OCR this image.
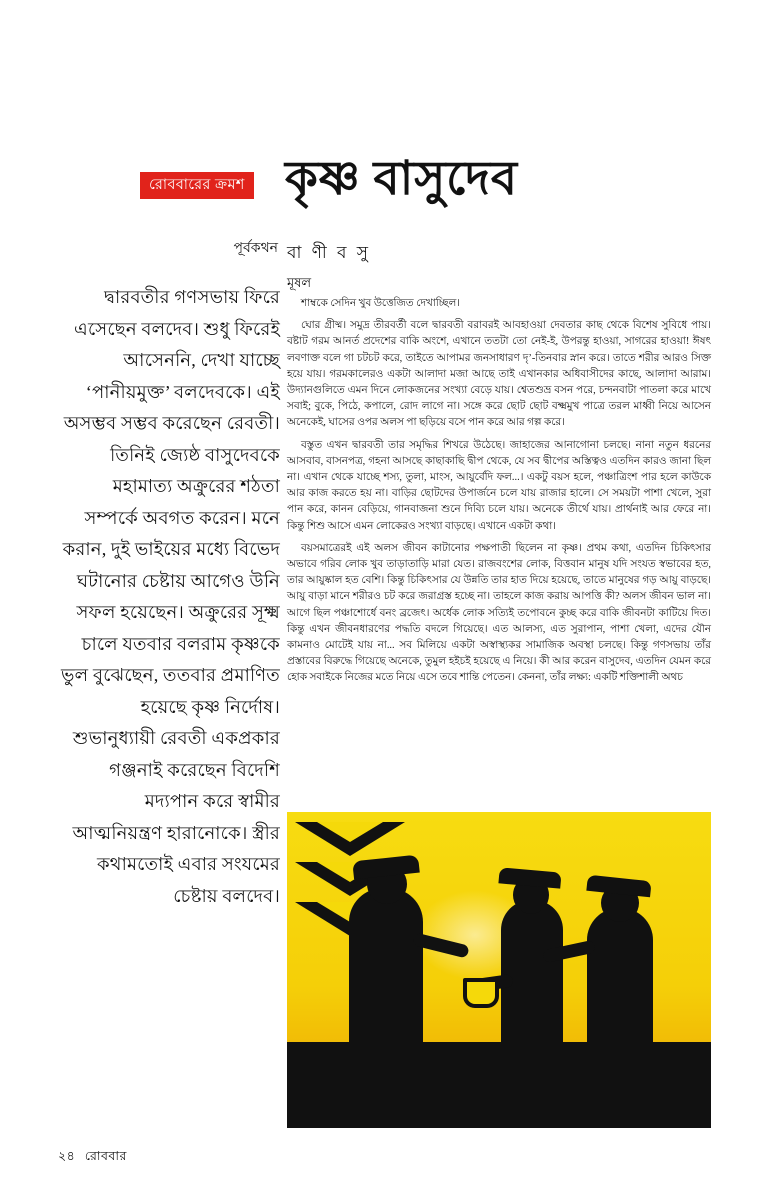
রোববারের ক্রমশ কৃষ্ণ বাসুদেব
পূর্বকথন বা ণী ব সু
মূষল
দ্বারবতীর গণসভায় ফিরে এসেছেন বলদেব। শুধু ফিরেই আসেননি, দেখা যাচ্ছে ‘পানীয়মুক্ত’ বলদেবকে। এই অসম্ভব সম্ভব করেছেন রেবতী। তিনিই জ্যেষ্ঠ বাসুদেবকে মহামাত্য অক্রুরের শঠতা সম্পর্কে অবগত করেন। মনে করান, দুই ভাইয়ের মধ্যে বিভেদ ঘটানোর চেষ্টায় আগেও উনি সফল হয়েছেন। অক্রুরের সূক্ষ্ম চালে যতবার বলরাম কৃষ্ণকে ভুল বুঝেছেন, ততবার প্রমাণিত হয়েছে কৃষ্ণ নির্দোষ। শুভানুধ্যায়ী রেবতী একপ্রকার গঞ্জনাই করেছেন বিদেশি মদ্যপান করে স্বামীর আত্মনিয়ন্ত্রণ হারানোকে। স্ত্রীর কথামতোই এবার সংযমের চেষ্টায় বলদেব।

শাম্বকে সেদিন খুব উত্তেজিত দেখাচ্ছিল।

ঘোর গ্রীষ্ম। সমুদ্র তীরবর্তী বলে দ্বারবতী বরাবরই আবহাওয়া দেবতার কাছ থেকে বিশেষ সুবিধে পায়। বষ্টাট গরম আনর্ত প্রদেশের বাকি অংশে, এখানে ততটা তো নেই-ই, উপরন্তু হাওয়া, সাগরের হাওয়া! ঈষৎ লবণাক্ত বলে গা চটচট করে, তাইতে আপামর জনসাধারণ দৃ’-তিনবার স্নান করে। তাতে শরীর আরও সিক্ত হয়ে যায়। গরমকালেরও একটা আলাদা মজা আছে তাই এখানকার অধিবাসীদের কাছে, আলাদা আরাম। উদ্যানগুলিতে এমন দিনে লোকজনের সংখ্যা বেড়ে যায়। শ্বেতশুভ্র বসন পরে, চন্দনবাটা পাতলা করে মাখে সবাই; বুকে, পিঠে, কপালে, রোদ লাগে না। সঙ্গে করে ছোট ছোট বক্ষ্মমুখ পাত্রে তরল মাধ্বী নিয়ে আসেন অনেকেই, ঘাসের ওপর অলস পা ছড়িয়ে বসে পান করে আর গল্প করে।

বস্তুত এখন দ্বারবতী তার সমৃদ্ধির শিখরে উঠেছে। জাহাজের আনাগোনা চলছে। নানা নতুন ধরনের আসবাব, বাসনপত্র, গহনা আসছে কাছাকাছি দ্বীপ থেকে, যে সব দ্বীপের অস্তিত্বও এতদিন কারও জানা ছিল না। এখান থেকে যাচ্ছে শস্য, তুলা, মাংস, আয়ুর্বেদি ফল...। একটু বয়স হলে, পঞ্চাত্রিংশ পার হলে কাউকে আর কাজ করতে হয় না। বাড়ির ছোটদের উপার্জনে চলে যায় রাজার হালে। সে সময়টা পাশা খেলে, সুরা পান করে, কানন বেড়িয়ে, গানবাজনা শুনে দিব্যি চলে যায়। অনেকে তীর্থে যায়। প্রার্থনাই আর ফেরে না। কিন্তু শিশু আসে এমন লোকেরও সংখ্যা বাড়ছে। এখানে একটা কথা।

বয়সমাত্রেরই এই অলস জীবন কাটানোর পক্ষপাতী ছিলেন না কৃষ্ণ। প্রথম কথা, এতদিন চিকিৎসার অভাবে গরিব লোক খুব তাড়াতাড়ি মারা যেত। রাজবংশের লোক, বিত্তবান মানুষ যদি সংযত স্বভাবের হত, তার আয়ুষ্কাল হত বেশি। কিন্তু চিকিৎসার যে উন্নতি তার হাত দিয়ে হয়েছে, তাতে মানুষের গড় আয়ু বাড়ছে। আয়ু বাড়া মানে শরীরও চট করে জরাগ্রস্ত হচ্ছে না। তাহলে কাজ করায় আপত্তি কী? অলস জীবন ভাল না। আগে ছিল পঞ্চাশোর্ধে বনং ব্রজেৎ। অর্ধেক লোক সত্যিই তপোবনে কুচ্ছ করে বাকি জীবনটা কাটিয়ে দিত। কিন্তু এখন জীবনধারণের পদ্ধতি বদলে গিয়েছে। এত আলস্য, এত সুরাপান, পাশা খেলা, এদের যৌন কামনাও মোটেই যায় না... সব মিলিয়ে একটা অস্বাস্থ্যকর সামাজিক অবস্থা চলছে। কিন্তু গণসভায় তাঁর প্রস্তাবের বিরুদ্ধে গিয়েছে অনেকে, তুমুল হইচই হয়েছে এ নিয়ে। কী আর করেন বাসুদেব, এতদিন যেমন করে হোক সবাইকে নিজের মতে নিয়ে এসে তবে শান্তি পেতেন। কেননা, তাঁর লক্ষ্য: একটি শক্তিশালী অথচ

২৪ রোববার
